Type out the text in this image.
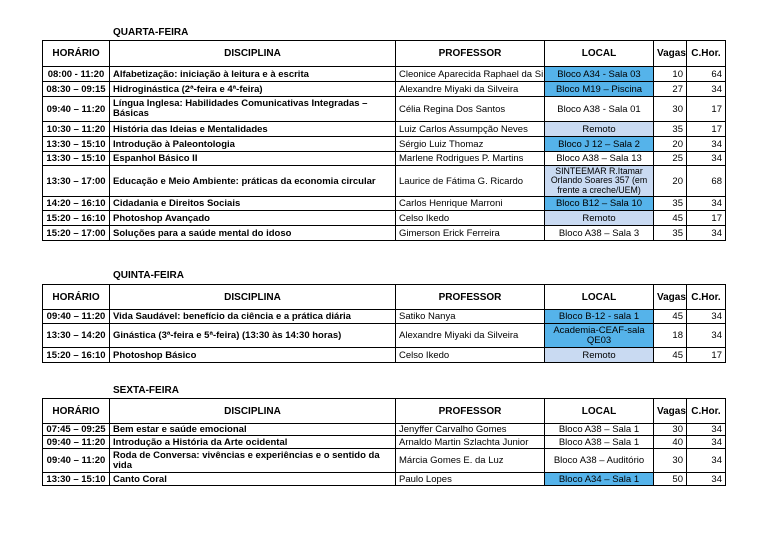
QUARTA-FEIRA
HORÁRIO	DISCIPLINA	PROFESSOR	LOCAL	Vagas	C.Hor.
08:00 - 11:20	Alfabetização: iniciação à leitura e à escrita	Cleonice Aparecida Raphael da Si	Bloco A34 - Sala 03	10	64
08:30 – 09:15	Hidroginástica (2ª-feira e 4ª-feira)	Alexandre Miyaki da Silveira	Bloco M19 – Piscina	27	34
09:40 – 11:20	Língua Inglesa: Habilidades Comunicativas Integradas – Básicas	Célia Regina Dos Santos	Bloco A38 - Sala 01	30	17
10:30 – 11:20	História das Ideias e Mentalidades	Luiz Carlos Assumpção Neves	Remoto	35	17
13:30 – 15:10	Introdução à Paleontologia	Sérgio Luiz Thomaz	Bloco J 12 – Sala 2	20	34
13:30 – 15:10	Espanhol Básico II	Marlene Rodrigues P. Martins	Bloco A38 – Sala 13	25	34
13:30 – 17:00	Educação e Meio Ambiente: práticas da economia circular	Laurice de Fátima G. Ricardo	SINTEEMAR R.Itamar Orlando Soares 357 (em frente a creche/UEM)	20	68
14:20 – 16:10	Cidadania e Direitos Sociais	Carlos Henrique Marroni	Bloco B12 – Sala 10	35	34
15:20 – 16:10	Photoshop Avançado	Celso Ikedo	Remoto	45	17
15:20 – 17:00	Soluções para a saúde mental do idoso	Gimerson Erick Ferreira	Bloco A38 – Sala 3	35	34
QUINTA-FEIRA
HORÁRIO	DISCIPLINA	PROFESSOR	LOCAL	Vagas	C.Hor.
09:40 – 11:20	Vida Saudável: benefício da ciência e a prática diária	Satiko Nanya	Bloco B-12 - sala 1	45	34
13:30 – 14:20	Ginástica (3ª-feira e 5ª-feira) (13:30 às 14:30 horas)	Alexandre Miyaki da Silveira	Academia-CEAF-sala QE03	18	34
15:20 – 16:10	Photoshop Básico	Celso Ikedo	Remoto	45	17
SEXTA-FEIRA
HORÁRIO	DISCIPLINA	PROFESSOR	LOCAL	Vagas	C.Hor.
07:45 – 09:25	Bem estar e saúde emocional	Jenyffer Carvalho Gomes	Bloco A38 – Sala 1	30	34
09:40 – 11:20	Introdução a História da Arte ocidental	Arnaldo Martin Szlachta Junior	Bloco A38 – Sala 1	40	34
09:40 – 11:20	Roda de Conversa: vivências e experiências e o sentido da vida	Márcia Gomes E. da Luz	Bloco A38 – Auditório	30	34
13:30 – 15:10	Canto Coral	Paulo Lopes	Bloco A34 – Sala 1	50	34
